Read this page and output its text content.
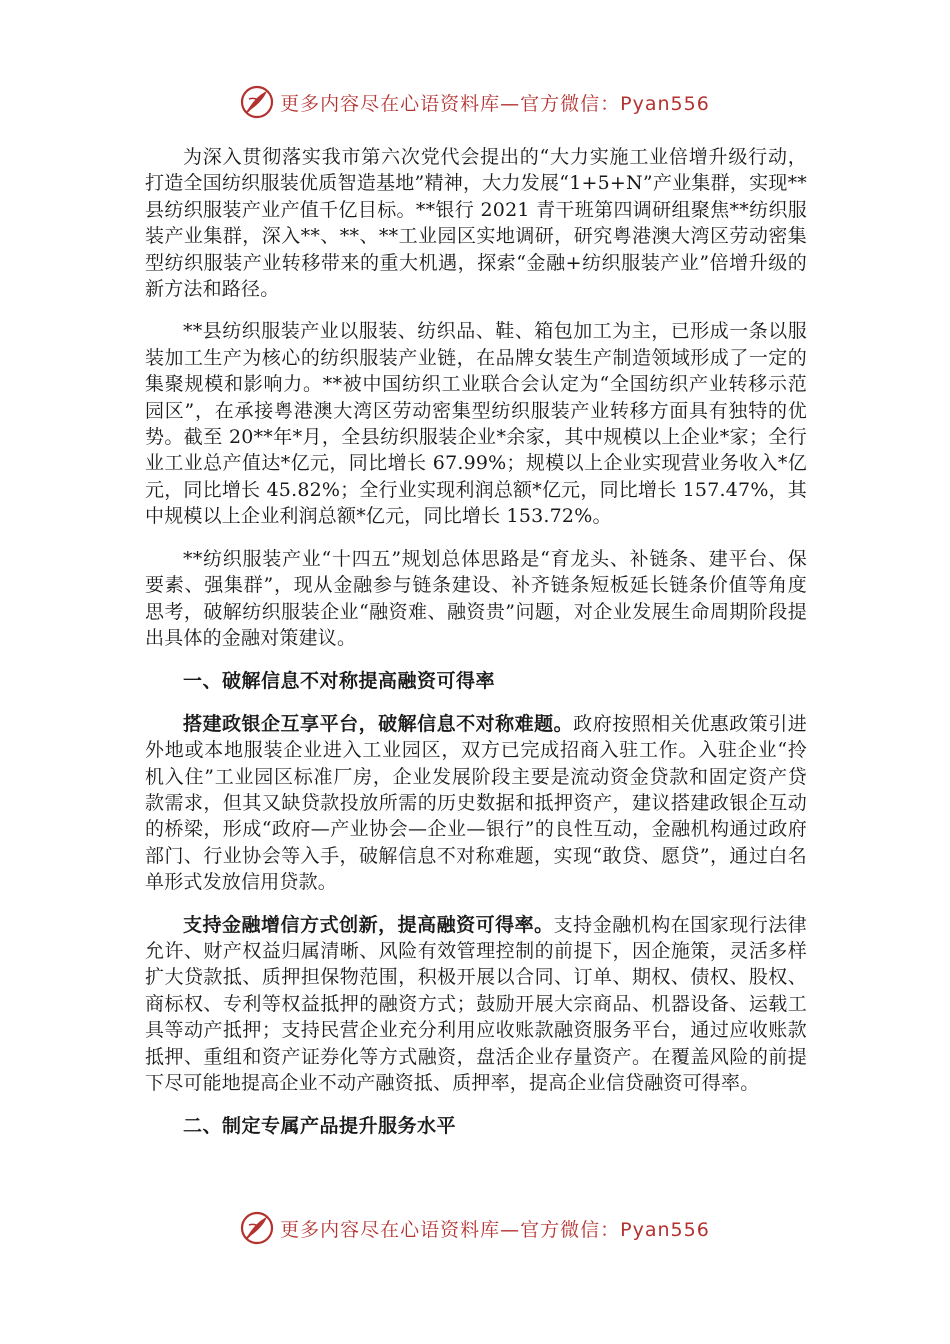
更多内容尽在心语资料库—官方微信：Pyan556

为深入贯彻落实我市第六次党代会提出的“大力实施工业倍增升级行动，打造全国纺织服装优质智造基地”精神，大力发展“1+5+N”产业集群，实现**县纺织服装产业产值千亿目标。**银行 2021 青干班第四调研组聚焦**纺织服装产业集群，深入**、**、**工业园区实地调研，研究粤港澳大湾区劳动密集型纺织服装产业转移带来的重大机遇，探索“金融+纺织服装产业”倍增升级的新方法和路径。

**县纺织服装产业以服装、纺织品、鞋、箱包加工为主，已形成一条以服装加工生产为核心的纺织服装产业链，在品牌女装生产制造领域形成了一定的集聚规模和影响力。**被中国纺织工业联合会认定为“全国纺织产业转移示范园区”，在承接粤港澳大湾区劳动密集型纺织服装产业转移方面具有独特的优势。截至 20**年*月，全县纺织服装企业*余家，其中规模以上企业*家；全行业工业总产值达*亿元，同比增长 67.99%；规模以上企业实现营业务收入*亿元，同比增长 45.82%；全行业实现利润总额*亿元，同比增长 157.47%，其中规模以上企业利润总额*亿元，同比增长 153.72%。

**纺织服装产业“十四五”规划总体思路是“育龙头、补链条、建平台、保要素、强集群”，现从金融参与链条建设、补齐链条短板延长链条价值等角度思考，破解纺织服装企业“融资难、融资贵”问题，对企业发展生命周期阶段提出具体的金融对策建议。

一、破解信息不对称提高融资可得率

搭建政银企互享平台，破解信息不对称难题。政府按照相关优惠政策引进外地或本地服装企业进入工业园区，双方已完成招商入驻工作。入驻企业“拎机入住”工业园区标准厂房，企业发展阶段主要是流动资金贷款和固定资产贷款需求，但其又缺贷款投放所需的历史数据和抵押资产，建议搭建政银企互动的桥梁，形成“政府—产业协会—企业—银行”的良性互动，金融机构通过政府部门、行业协会等入手，破解信息不对称难题，实现“敢贷、愿贷”，通过白名单形式发放信用贷款。

支持金融增信方式创新，提高融资可得率。支持金融机构在国家现行法律允许、财产权益归属清晰、风险有效管理控制的前提下，因企施策，灵活多样扩大贷款抵、质押担保物范围，积极开展以合同、订单、期权、债权、股权、商标权、专利等权益抵押的融资方式；鼓励开展大宗商品、机器设备、运载工具等动产抵押；支持民营企业充分利用应收账款融资服务平台，通过应收账款抵押、重组和资产证券化等方式融资，盘活企业存量资产。在覆盖风险的前提下尽可能地提高企业不动产融资抵、质押率，提高企业信贷融资可得率。

二、制定专属产品提升服务水平
更多内容尽在心语资料库—官方微信：Pyan556
